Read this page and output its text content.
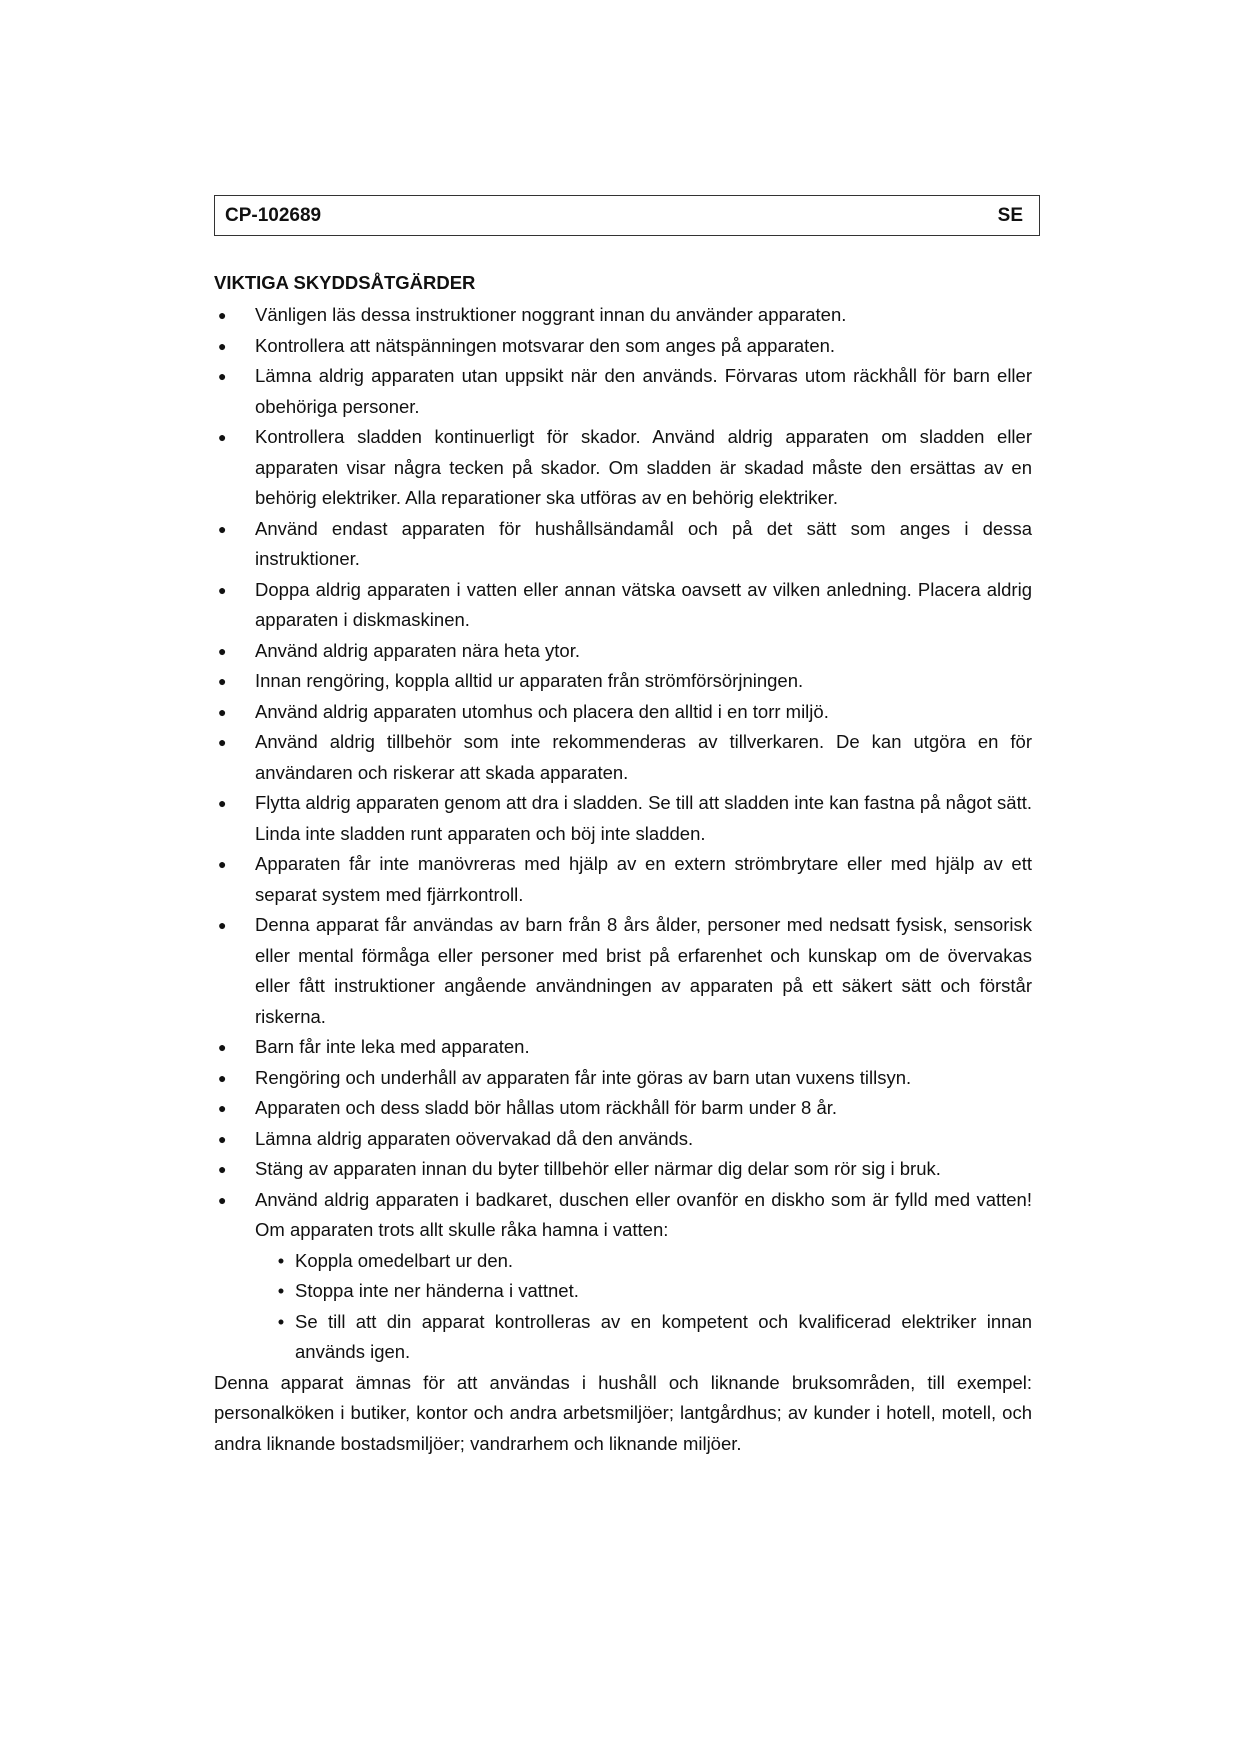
CP-102689	SE
VIKTIGA SKYDDSÅTGÄRDER
● Vänligen läs dessa instruktioner noggrant innan du använder apparaten.
● Kontrollera att nätspänningen motsvarar den som anges på apparaten.
● Lämna aldrig apparaten utan uppsikt när den används. Förvaras utom räckhåll för barn eller obehöriga personer.
● Kontrollera sladden kontinuerligt för skador. Använd aldrig apparaten om sladden eller apparaten visar några tecken på skador. Om sladden är skadad måste den ersättas av en behörig elektriker. Alla reparationer ska utföras av en behörig elektriker.
● Använd endast apparaten för hushållsändamål och på det sätt som anges i dessa instruktioner.
● Doppa aldrig apparaten i vatten eller annan vätska oavsett av vilken anledning. Placera aldrig apparaten i diskmaskinen.
● Använd aldrig apparaten nära heta ytor.
● Innan rengöring, koppla alltid ur apparaten från strömförsörjningen.
● Använd aldrig apparaten utomhus och placera den alltid i en torr miljö.
● Använd aldrig tillbehör som inte rekommenderas av tillverkaren. De kan utgöra en för användaren och riskerar att skada apparaten.
● Flytta aldrig apparaten genom att dra i sladden. Se till att sladden inte kan fastna på något sätt. Linda inte sladden runt apparaten och böj inte sladden.
● Apparaten får inte manövreras med hjälp av en extern strömbrytare eller med hjälp av ett separat system med fjärrkontroll.
● Denna apparat får användas av barn från 8 års ålder, personer med nedsatt fysisk, sensorisk eller mental förmåga eller personer med brist på erfarenhet och kunskap om de övervakas eller fått instruktioner angående användningen av apparaten på ett säkert sätt och förstår riskerna.
● Barn får inte leka med apparaten.
● Rengöring och underhåll av apparaten får inte göras av barn utan vuxens tillsyn.
● Apparaten och dess sladd bör hållas utom räckhåll för barm under 8 år.
● Lämna aldrig apparaten oövervakad då den används.
● Stäng av apparaten innan du byter tillbehör eller närmar dig delar som rör sig i bruk.
● Använd aldrig apparaten i badkaret, duschen eller ovanför en diskho som är fylld med vatten! Om apparaten trots allt skulle råka hamna i vatten:
• Koppla omedelbart ur den.
• Stoppa inte ner händerna i vattnet.
• Se till att din apparat kontrolleras av en kompetent och kvalificerad elektriker innan används igen.

Denna apparat ämnas för att användas i hushåll och liknande bruksområden, till exempel: personalköken i butiker, kontor och andra arbetsmiljöer; lantgårdhus; av kunder i hotell, motell, och andra liknande bostadsmiljöer; vandrarhem och liknande miljöer.
